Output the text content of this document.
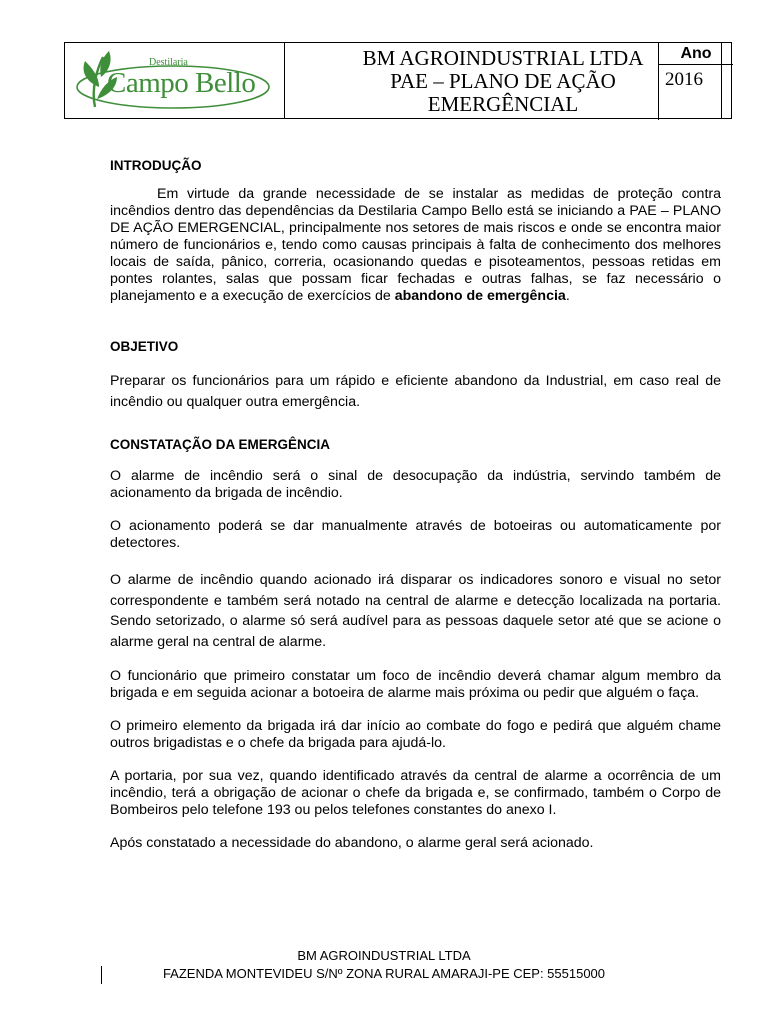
Destilaria
Campo Bello
BM AGROINDUSTRIAL LTDA
PAE – PLANO DE AÇÃO
EMERGÊNCIAL
Ano
2016
INTRODUÇÃO

Em virtude da grande necessidade de se instalar as medidas de proteção contra incêndios dentro das dependências da Destilaria Campo Bello está se iniciando a PAE – PLANO DE AÇÃO EMERGENCIAL, principalmente nos setores de mais riscos e onde se encontra maior número de funcionários e, tendo como causas principais à falta de conhecimento dos melhores locais de saída, pânico, correria, ocasionando quedas e pisoteamentos, pessoas retidas em pontes rolantes, salas que possam ficar fechadas e outras falhas, se faz necessário o planejamento e a execução de exercícios de abandono de emergência.

OBJETIVO

Preparar os funcionários para um rápido e eficiente abandono da Industrial, em caso real de incêndio ou qualquer outra emergência.

CONSTATAÇÃO DA EMERGÊNCIA

O alarme de incêndio será o sinal de desocupação da indústria, servindo também de acionamento da brigada de incêndio.

O acionamento poderá se dar manualmente através de botoeiras ou automaticamente por detectores.

O alarme de incêndio quando acionado irá disparar os indicadores sonoro e visual no setor correspondente e também será notado na central de alarme e detecção localizada na portaria. Sendo setorizado, o alarme só será audível para as pessoas daquele setor até que se acione o alarme geral na central de alarme.

O funcionário que primeiro constatar um foco de incêndio deverá chamar algum membro da brigada e em seguida acionar a botoeira de alarme mais próxima ou pedir que alguém o faça.

O primeiro elemento da brigada irá dar início ao combate do fogo e pedirá que alguém chame outros brigadistas e o chefe da brigada para ajudá-lo.

A portaria, por sua vez, quando identificado através da central de alarme a ocorrência de um incêndio, terá a obrigação de acionar o chefe da brigada e, se confirmado, também o Corpo de Bombeiros pelo telefone 193 ou pelos telefones constantes do anexo I.

Após constatado a necessidade do abandono, o alarme geral será acionado.

BM AGROINDUSTRIAL LTDA
FAZENDA MONTEVIDEU S/Nº ZONA RURAL AMARAJI-PE CEP: 55515000
